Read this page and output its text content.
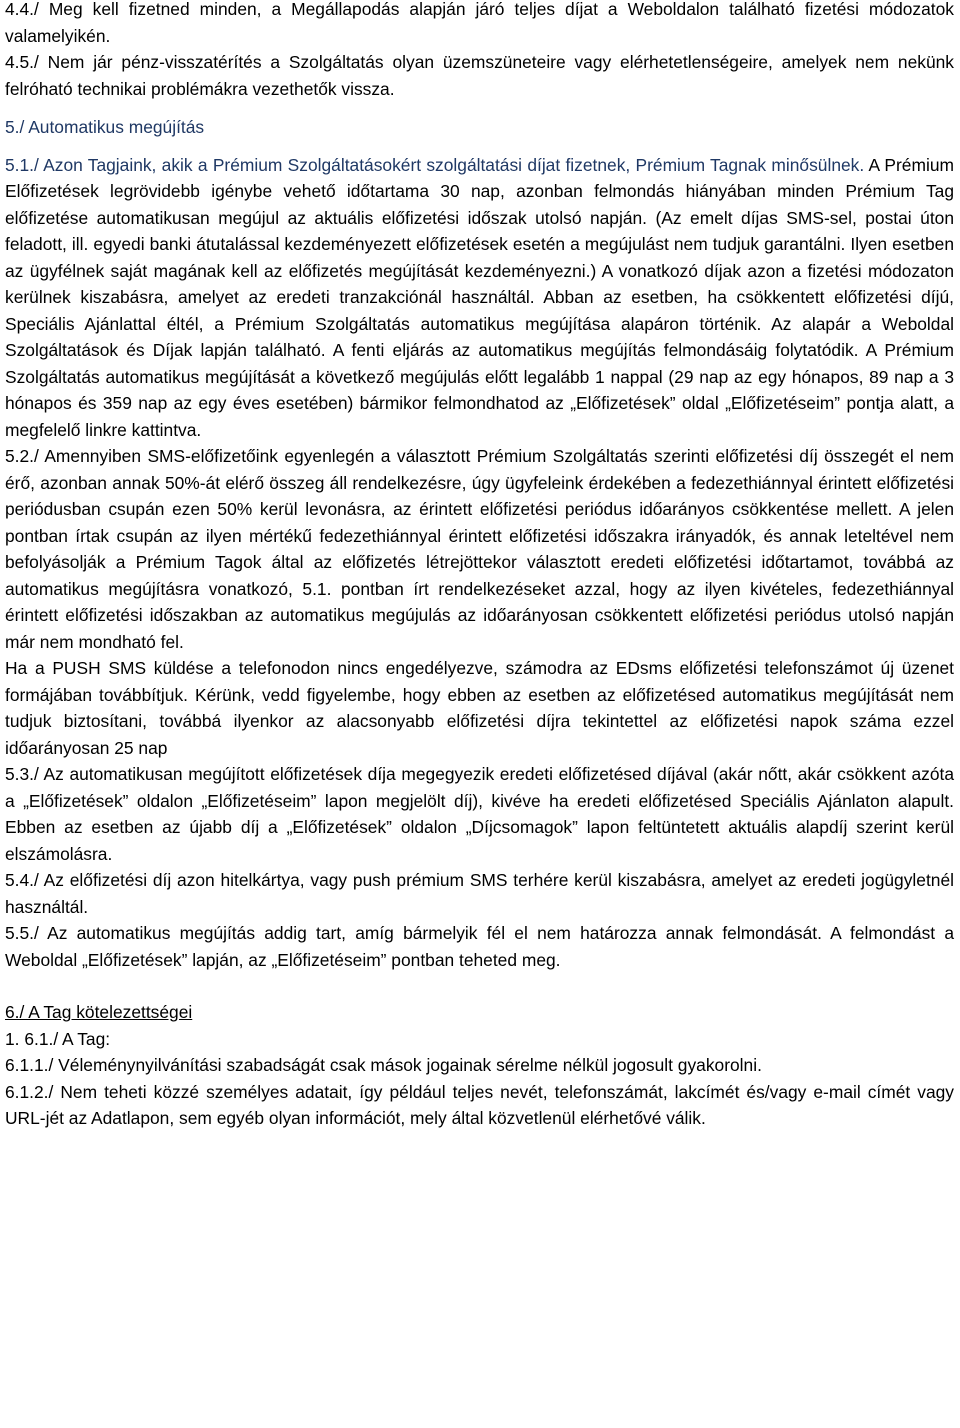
4.4./ Meg kell fizetned minden, a Megállapodás alapján járó teljes díjat a Weboldalon található fizetési módozatok valamelyikén.

4.5./ Nem jár pénz-visszatérítés a Szolgáltatás olyan üzemszüneteire vagy elérhetetlenségeire, amelyek nem nekünk felróható technikai problémákra vezethetők vissza.

5./ Automatikus megújítás

5.1./ Azon Tagjaink, akik a Prémium Szolgáltatásokért szolgáltatási díjat fizetnek, Prémium Tagnak minősülnek. A Prémium Előfizetések legrövidebb igénybe vehető időtartama 30 nap, azonban felmondás hiányában minden Prémium Tag előfizetése automatikusan megújul az aktuális előfizetési időszak utolsó napján. (Az emelt díjas SMS-sel, postai úton feladott, ill. egyedi banki átutalással kezdeményezett előfizetések esetén a megújulást nem tudjuk garantálni. Ilyen esetben az ügyfélnek saját magának kell az előfizetés megújítását kezdeményezni.) A vonatkozó díjak azon a fizetési módozaton kerülnek kiszabásra, amelyet az eredeti tranzakciónál használtál. Abban az esetben, ha csökkentett előfizetési díjú, Speciális Ajánlattal éltél, a Prémium Szolgáltatás automatikus megújítása alapáron történik. Az alapár a Weboldal Szolgáltatások és Díjak lapján található. A fenti eljárás az automatikus megújítás felmondásáig folytatódik. A Prémium Szolgáltatás automatikus megújítását a következő megújulás előtt legalább 1 nappal (29 nap az egy hónapos, 89 nap a 3 hónapos és 359 nap az egy éves esetében) bármikor felmondhatod az „Előfizetések” oldal „Előfizetéseim” pontja alatt, a megfelelő linkre kattintva.

5.2./ Amennyiben SMS-előfizetőink egyenlegén a választott Prémium Szolgáltatás szerinti előfizetési díj összegét el nem érő, azonban annak 50%-át elérő összeg áll rendelkezésre, úgy ügyfeleink érdekében a fedezethiánnyal érintett előfizetési periódusban csupán ezen 50% kerül levonásra, az érintett előfizetési periódus időarányos csökkentése mellett. A jelen pontban írtak csupán az ilyen mértékű fedezethiánnyal érintett előfizetési időszakra irányadók, és annak leteltével nem befolyásolják a Prémium Tagok által az előfizetés létrejöttekor választott eredeti előfizetési időtartamot, továbbá az automatikus megújításra vonatkozó, 5.1. pontban írt rendelkezéseket azzal, hogy az ilyen kivételes, fedezethiánnyal érintett előfizetési időszakban az automatikus megújulás az időarányosan csökkentett előfizetési periódus utolsó napján már nem mondható fel.

Ha a PUSH SMS küldése a telefonodon nincs engedélyezve, számodra az EDsms előfizetési telefonszámot új üzenet formájában továbbítjuk. Kérünk, vedd figyelembe, hogy ebben az esetben az előfizetésed automatikus megújítását nem tudjuk biztosítani, továbbá ilyenkor az alacsonyabb előfizetési díjra tekintettel az előfizetési napok száma ezzel időarányosan 25 nap

5.3./ Az automatikusan megújított előfizetések díja megegyezik eredeti előfizetésed díjával (akár nőtt, akár csökkent azóta a „Előfizetések” oldalon „Előfizetéseim” lapon megjelölt díj), kivéve ha eredeti előfizetésed Speciális Ajánlaton alapult. Ebben az esetben az újabb díj a „Előfizetések” oldalon „Díjcsomagok” lapon feltüntetett aktuális alapdíj szerint kerül elszámolásra.

5.4./ Az előfizetési díj azon hitelkártya, vagy push prémium SMS terhére kerül kiszabásra, amelyet az eredeti jogügyletnél használtál.

5.5./ Az automatikus megújítás addig tart, amíg bármelyik fél el nem határozza annak felmondását. A felmondást a Weboldal „Előfizetések” lapján, az „Előfizetéseim” pontban teheted meg.

6./ A Tag kötelezettségei

1. 6.1./ A Tag:

6.1.1./ Véleménynyilvánítási szabadságát csak mások jogainak sérelme nélkül jogosult gyakorolni.

6.1.2./ Nem teheti közzé személyes adatait, így például teljes nevét, telefonszámát, lakcímét és/vagy e-mail címét vagy URL-jét az Adatlapon, sem egyéb olyan információt, mely által közvetlenül elérhetővé válik.
